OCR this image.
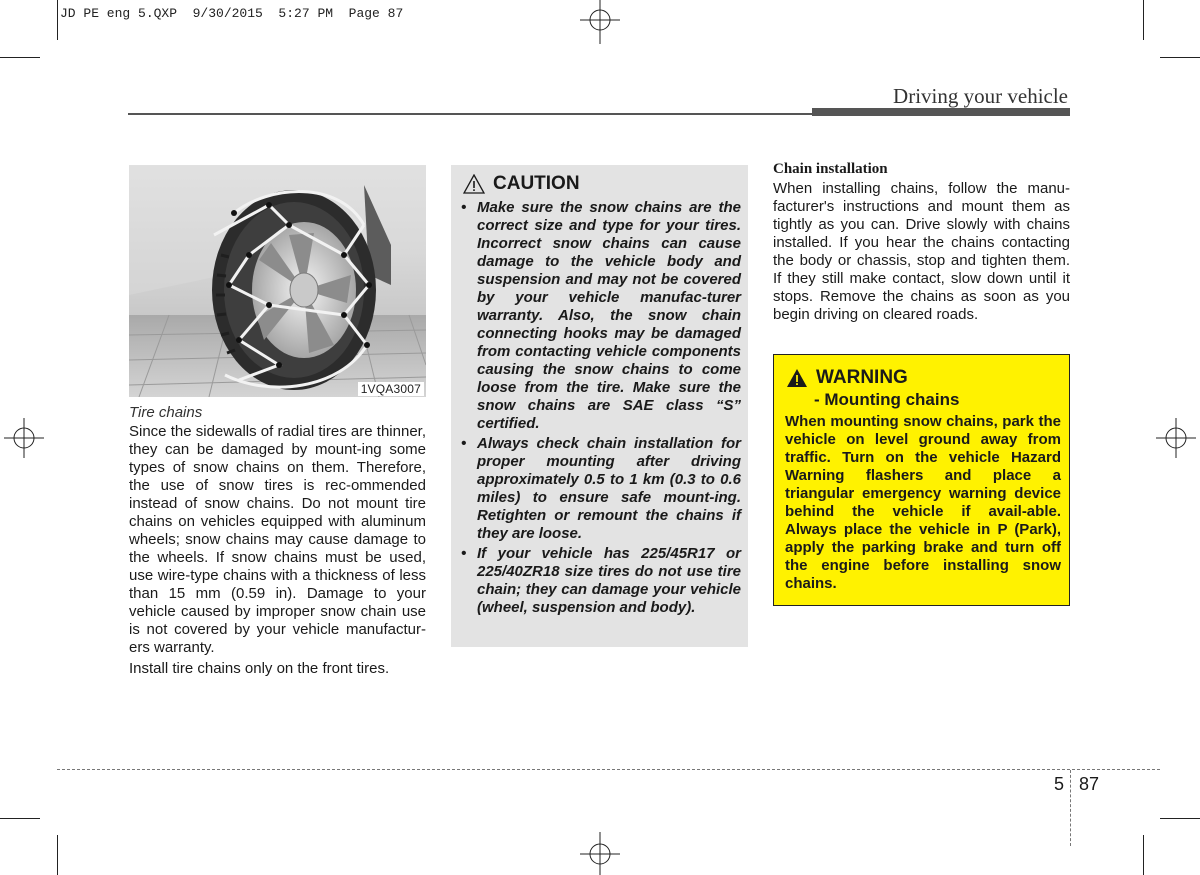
JD PE eng 5.QXP  9/30/2015  5:27 PM  Page 87
Driving your vehicle
1VQA3007
Tire chains

Since the sidewalls of radial tires are thinner, they can be damaged by mount-ing some types of snow chains on them. Therefore, the use of snow tires is rec-ommended instead of snow chains. Do not mount tire chains on vehicles equipped with aluminum wheels; snow chains may cause damage to the wheels. If snow chains must be used, use wire-type chains with a thickness of less than 15 mm (0.59 in). Damage to your vehicle caused by improper snow chain use is not covered by your vehicle manufactur-ers warranty.

Install tire chains only on the front tires.

CAUTION
• Make sure the snow chains are the correct size and type for your tires. Incorrect snow chains can cause damage to the vehicle body and suspension and may not be covered by your vehicle manufac-turer warranty. Also, the snow chain connecting hooks may be damaged from contacting vehicle components causing the snow chains to come loose from the tire. Make sure the snow chains are SAE class “S” certified.
• Always check chain installation for proper mounting after driving approximately 0.5 to 1 km (0.3 to 0.6 miles) to ensure safe mount-ing. Retighten or remount the chains if they are loose.
• If your vehicle has 225/45R17 or 225/40ZR18 size tires do not use tire chain; they can damage your vehicle (wheel, suspension and body).
Chain installation

When installing chains, follow the manu-facturer's instructions and mount them as tightly as you can. Drive slowly with chains installed. If you hear the chains contacting the body or chassis, stop and tighten them. If they still make contact, slow down until it stops. Remove the chains as soon as you begin driving on cleared roads.

WARNING
- Mounting chains

When mounting snow chains, park the vehicle on level ground away from traffic. Turn on the vehicle Hazard Warning flashers and place a triangular emergency warning device behind the vehicle if avail-able. Always place the vehicle in P (Park), apply the parking brake and turn off the engine before installing snow chains.

5 87
